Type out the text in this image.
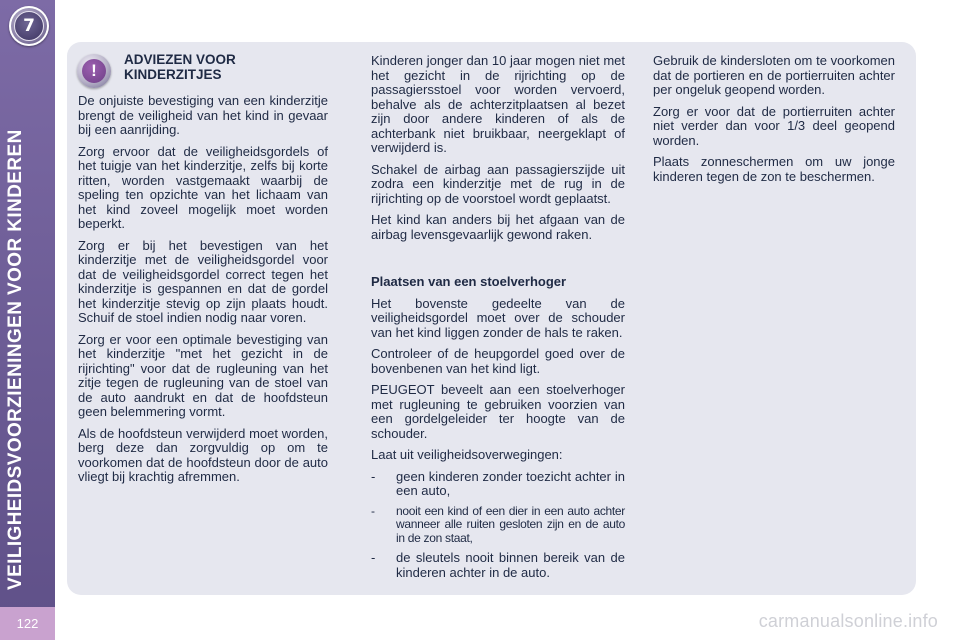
7
VEILIGHEIDSVOORZIENINGEN VOOR KINDEREN
122
!
ADVIEZEN VOOR KINDERZITJES

De onjuiste bevestiging van een kinderzitje brengt de veiligheid van het kind in gevaar bij een aanrijding.

Zorg ervoor dat de veiligheidsgordels of het tuigje van het kinderzitje, zelfs bij korte ritten, worden vastgemaakt waarbij de speling ten opzichte van het lichaam van het kind zoveel mogelijk moet worden beperkt.

Zorg er bij het bevestigen van het kinderzitje met de veiligheidsgordel voor dat de veiligheidsgordel correct tegen het kinderzitje is gespannen en dat de gordel het kinderzitje stevig op zijn plaats houdt. Schuif de stoel indien nodig naar voren.

Zorg er voor een optimale bevestiging van het kinderzitje "met het gezicht in de rijrichting" voor dat de rugleuning van het zitje tegen de rugleuning van de stoel van de auto aandrukt en dat de hoofdsteun geen belemmering vormt.

Als de hoofdsteun verwijderd moet worden, berg deze dan zorgvuldig op om te voorkomen dat de hoofdsteun door de auto vliegt bij krachtig afremmen.

Kinderen jonger dan 10 jaar mogen niet met het gezicht in de rijrichting op de passagiersstoel voor worden vervoerd, behalve als de achterzitplaatsen al bezet zijn door andere kinderen of als de achterbank niet bruikbaar, neergeklapt of verwijderd is.

Schakel de airbag aan passagierszijde uit zodra een kinderzitje met de rug in de rijrichting op de voorstoel wordt geplaatst.

Het kind kan anders bij het afgaan van de airbag levensgevaarlijk gewond raken.

Plaatsen van een stoelverhoger

Het bovenste gedeelte van de veiligheidsgordel moet over de schouder van het kind liggen zonder de hals te raken.

Controleer of de heupgordel goed over de bovenbenen van het kind ligt.

PEUGEOT beveelt aan een stoelverhoger met rugleuning te gebruiken voorzien van een gordelgeleider ter hoogte van de schouder.

Laat uit veiligheidsoverwegingen:

- geen kinderen zonder toezicht achter in een auto,
- nooit een kind of een dier in een auto achter wanneer alle ruiten gesloten zijn en de auto in de zon staat,
- de sleutels nooit binnen bereik van de kinderen achter in de auto.

Gebruik de kindersloten om te voorkomen dat de portieren en de portierruiten achter per ongeluk geopend worden.

Zorg er voor dat de portierruiten achter niet verder dan voor 1/3 deel geopend worden.

Plaats zonneschermen om uw jonge kinderen tegen de zon te beschermen.

carmanualsonline.info
